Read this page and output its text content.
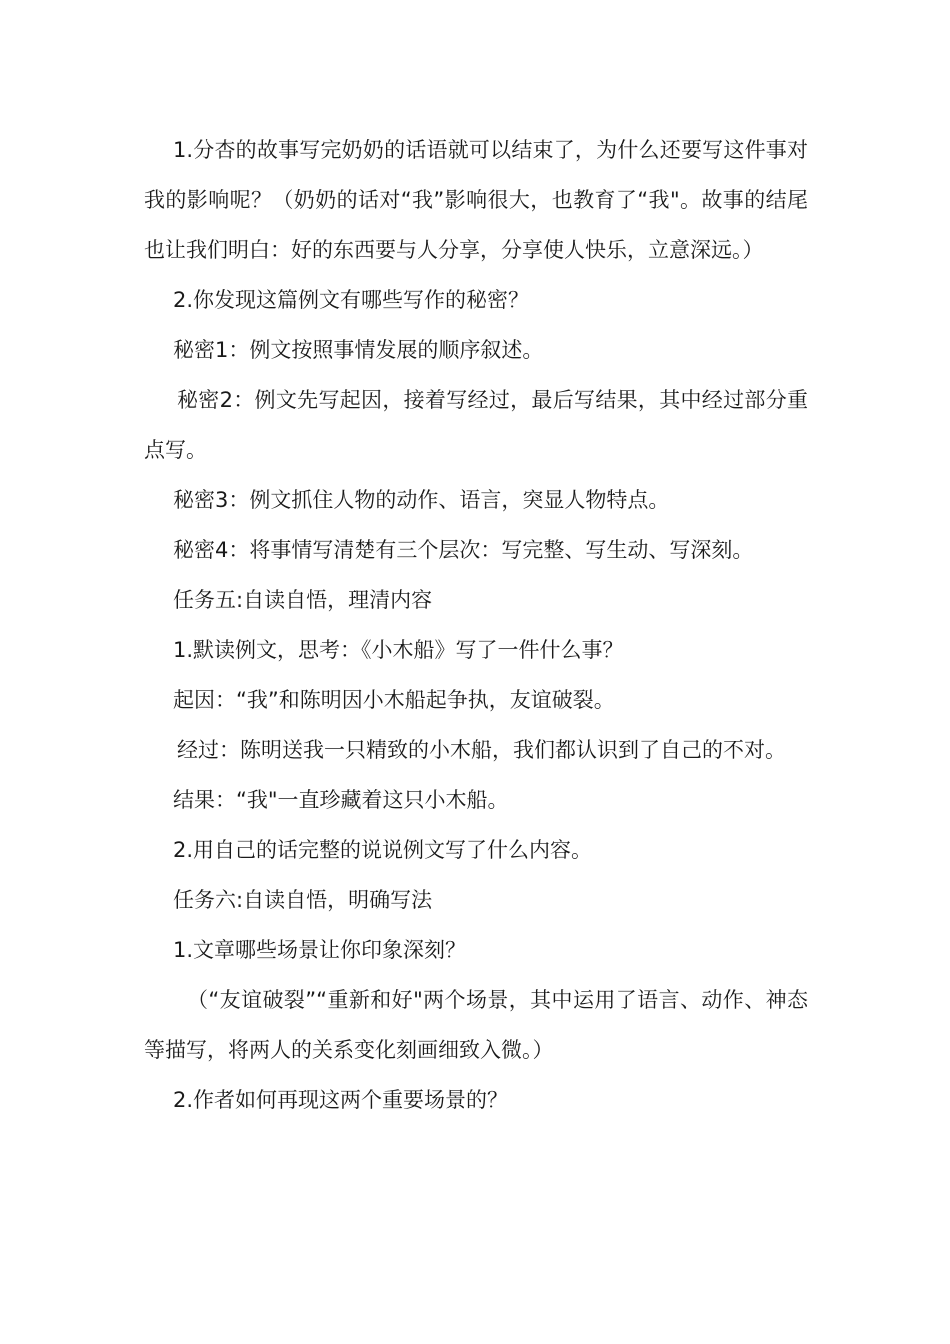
1.分杏的故事写完奶奶的话语就可以结束了，为什么还要写这件事对我的影响呢？（奶奶的话对“我”影响很大，也教育了“我"。故事的结尾也让我们明白：好的东西要与人分享，分享使人快乐，立意深远。）

2.你发现这篇例文有哪些写作的秘密？

秘密1：例文按照事情发展的顺序叙述。

秘密2：例文先写起因，接着写经过，最后写结果，其中经过部分重点写。

秘密3：例文抓住人物的动作、语言，突显人物特点。

秘密4：将事情写清楚有三个层次：写完整、写生动、写深刻。

任务五:自读自悟，理清内容

1.默读例文，思考：《小木船》写了一件什么事？

起因：“我”和陈明因小木船起争执，友谊破裂。

经过：陈明送我一只精致的小木船，我们都认识到了自己的不对。

结果：“我"一直珍藏着这只小木船。

2.用自己的话完整的说说例文写了什么内容。

任务六:自读自悟，明确写法

1.文章哪些场景让你印象深刻？

（“友谊破裂”“重新和好"两个场景，其中运用了语言、动作、神态等描写，将两人的关系变化刻画细致入微。）

2.作者如何再现这两个重要场景的？
